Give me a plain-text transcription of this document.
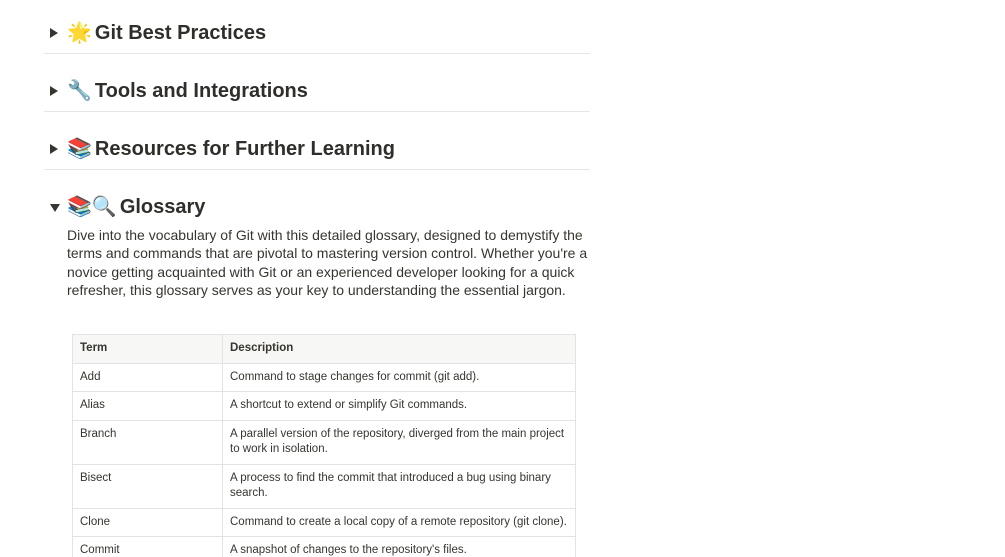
🌟 Git Best Practices
🔧 Tools and Integrations
📚 Resources for Further Learning
📚🔍 Glossary

Dive into the vocabulary of Git with this detailed glossary, designed to demystify the terms and commands that are pivotal to mastering version control. Whether you're a novice getting acquainted with Git or an experienced developer looking for a quick refresher, this glossary serves as your key to understanding the essential jargon.

Term	Description
Add	Command to stage changes for commit (git add).
Alias	A shortcut to extend or simplify Git commands.
Branch	A parallel version of the repository, diverged from the main project to work in isolation.
Bisect	A process to find the commit that introduced a bug using binary search.
Clone	Command to create a local copy of a remote repository (git clone).
Commit	A snapshot of changes to the repository's files.
